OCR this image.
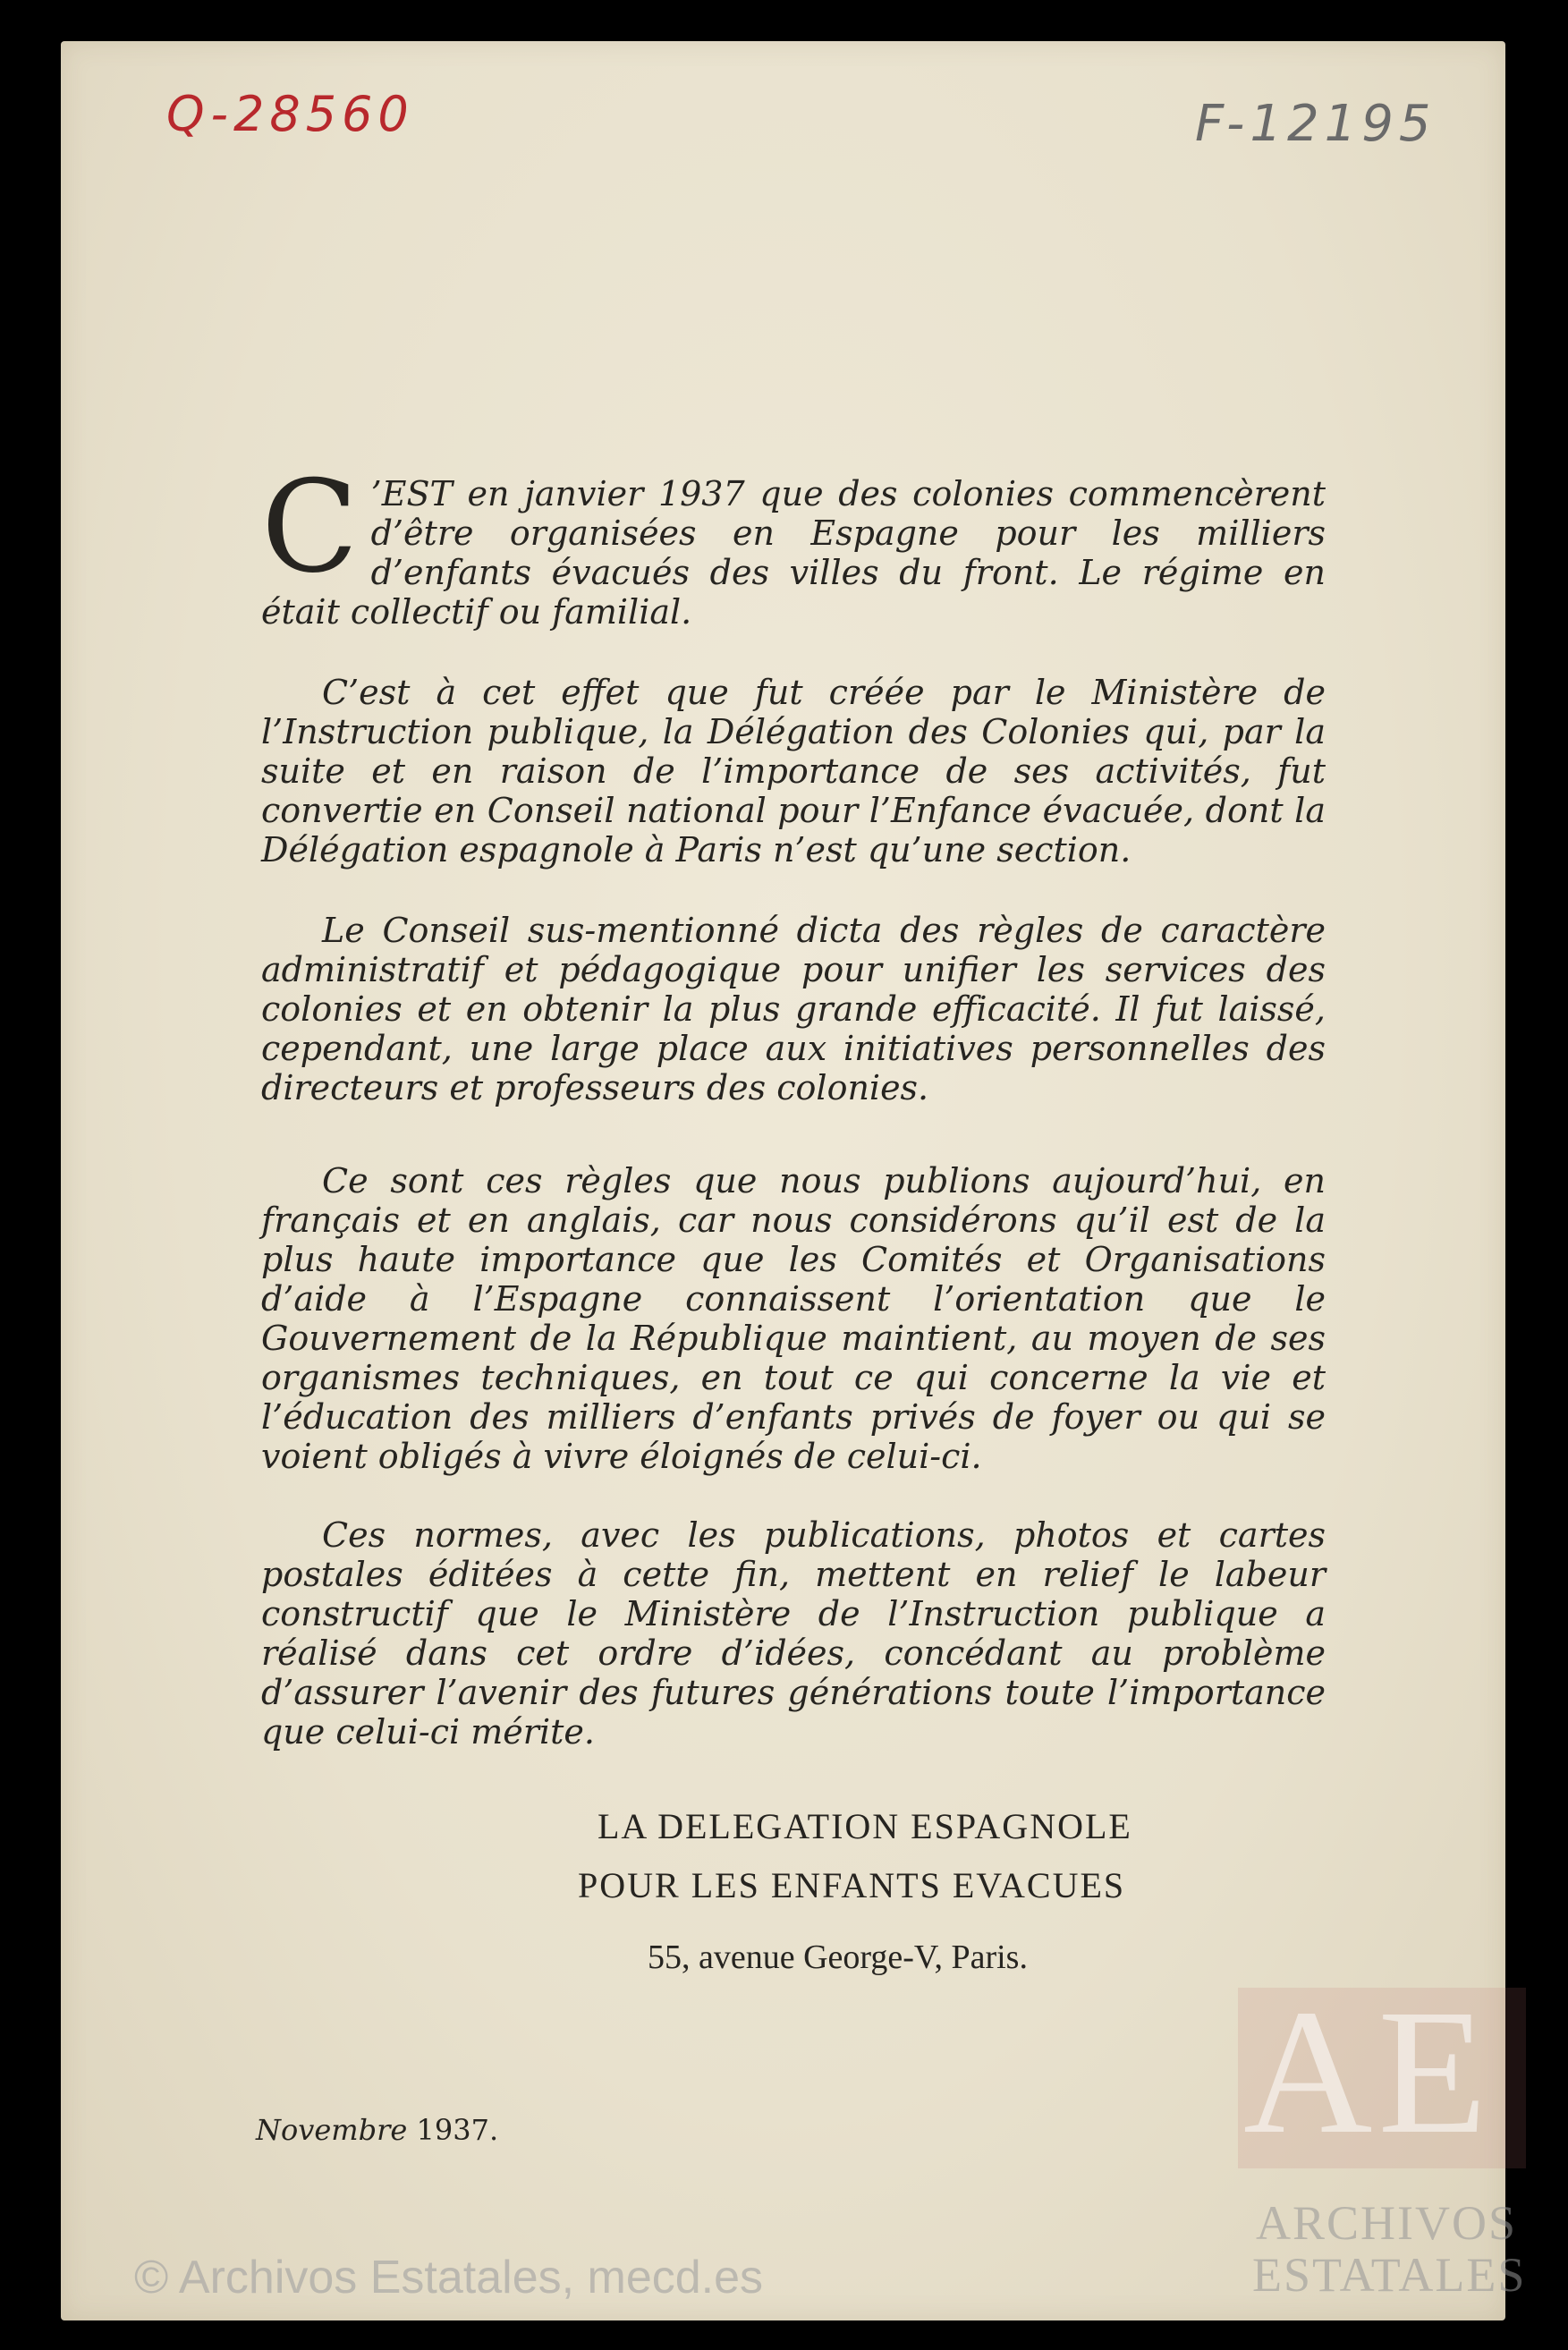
Q-28560	F-12195

C ’EST en janvier 1937 que des colonies commencèrent d’être organisées en Espagne pour les milliers d’enfants évacués des villes du front. Le régime en était collectif ou familial.

C’est à cet effet que fut créée par le Ministère de l’Instruction publique, la Délégation des Colonies qui, par la suite et en raison de l’importance de ses activités, fut convertie en Conseil national pour l’Enfance évacuée, dont la Délégation espagnole à Paris n’est qu’une section.

Le Conseil sus-mentionné dicta des règles de caractère administratif et pédagogique pour unifier les services des colonies et en obtenir la plus grande efficacité. Il fut laissé, cependant, une large place aux initiatives personnelles des directeurs et professeurs des colonies.

Ce sont ces règles que nous publions aujourd’hui, en français et en anglais, car nous considérons qu’il est de la plus haute importance que les Comités et Organisations d’aide à l’Espagne connaissent l’orientation que le Gouvernement de la République maintient, au moyen de ses organismes techniques, en tout ce qui concerne la vie et l’éducation des milliers d’enfants privés de foyer ou qui se voient obligés à vivre éloignés de celui-ci.

Ces normes, avec les publications, photos et cartes postales éditées à cette fin, mettent en relief le labeur constructif que le Ministère de l’Instruction publique a réalisé dans cet ordre d’idées, concédant au problème d’assurer l’avenir des futures générations toute l’importance que celui-ci mérite.

LA DELEGATION ESPAGNOLE
POUR LES ENFANTS EVACUES
55, avenue George-V, Paris.
Novembre 1937.	AE
ARCHIVOS
ESTATALES
© Archivos Estatales, mecd.es
